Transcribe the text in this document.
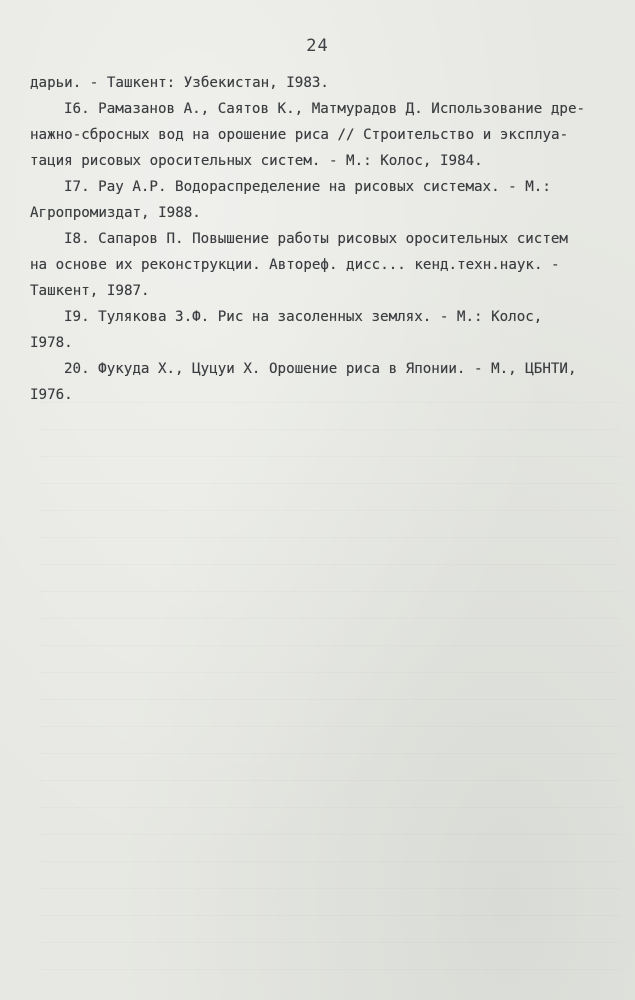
24
дарьи. - Ташкент: Узбекистан, I983.
I6. Рамазанов А., Саятов К., Матмурадов Д. Использование дре-
нажно-сбросных вод на орошение риса // Строительство и эксплуа-
тация рисовых оросительных систем. - М.: Колос, I984.
I7. Рау А.Р. Водораспределение на рисовых системах. - М.:
Агропромиздат, I988.
I8. Сапаров П. Повышение работы рисовых оросительных систем
на основе их реконструкции. Автореф. дисс... кенд.техн.наук. -
Ташкент, I987.
I9. Тулякова З.Ф. Рис на засоленных землях. - М.: Колос,
I978.
20. Фукуда Х., Цуцуи Х. Орошение риса в Японии. - М., ЦБНТИ,
I976.
